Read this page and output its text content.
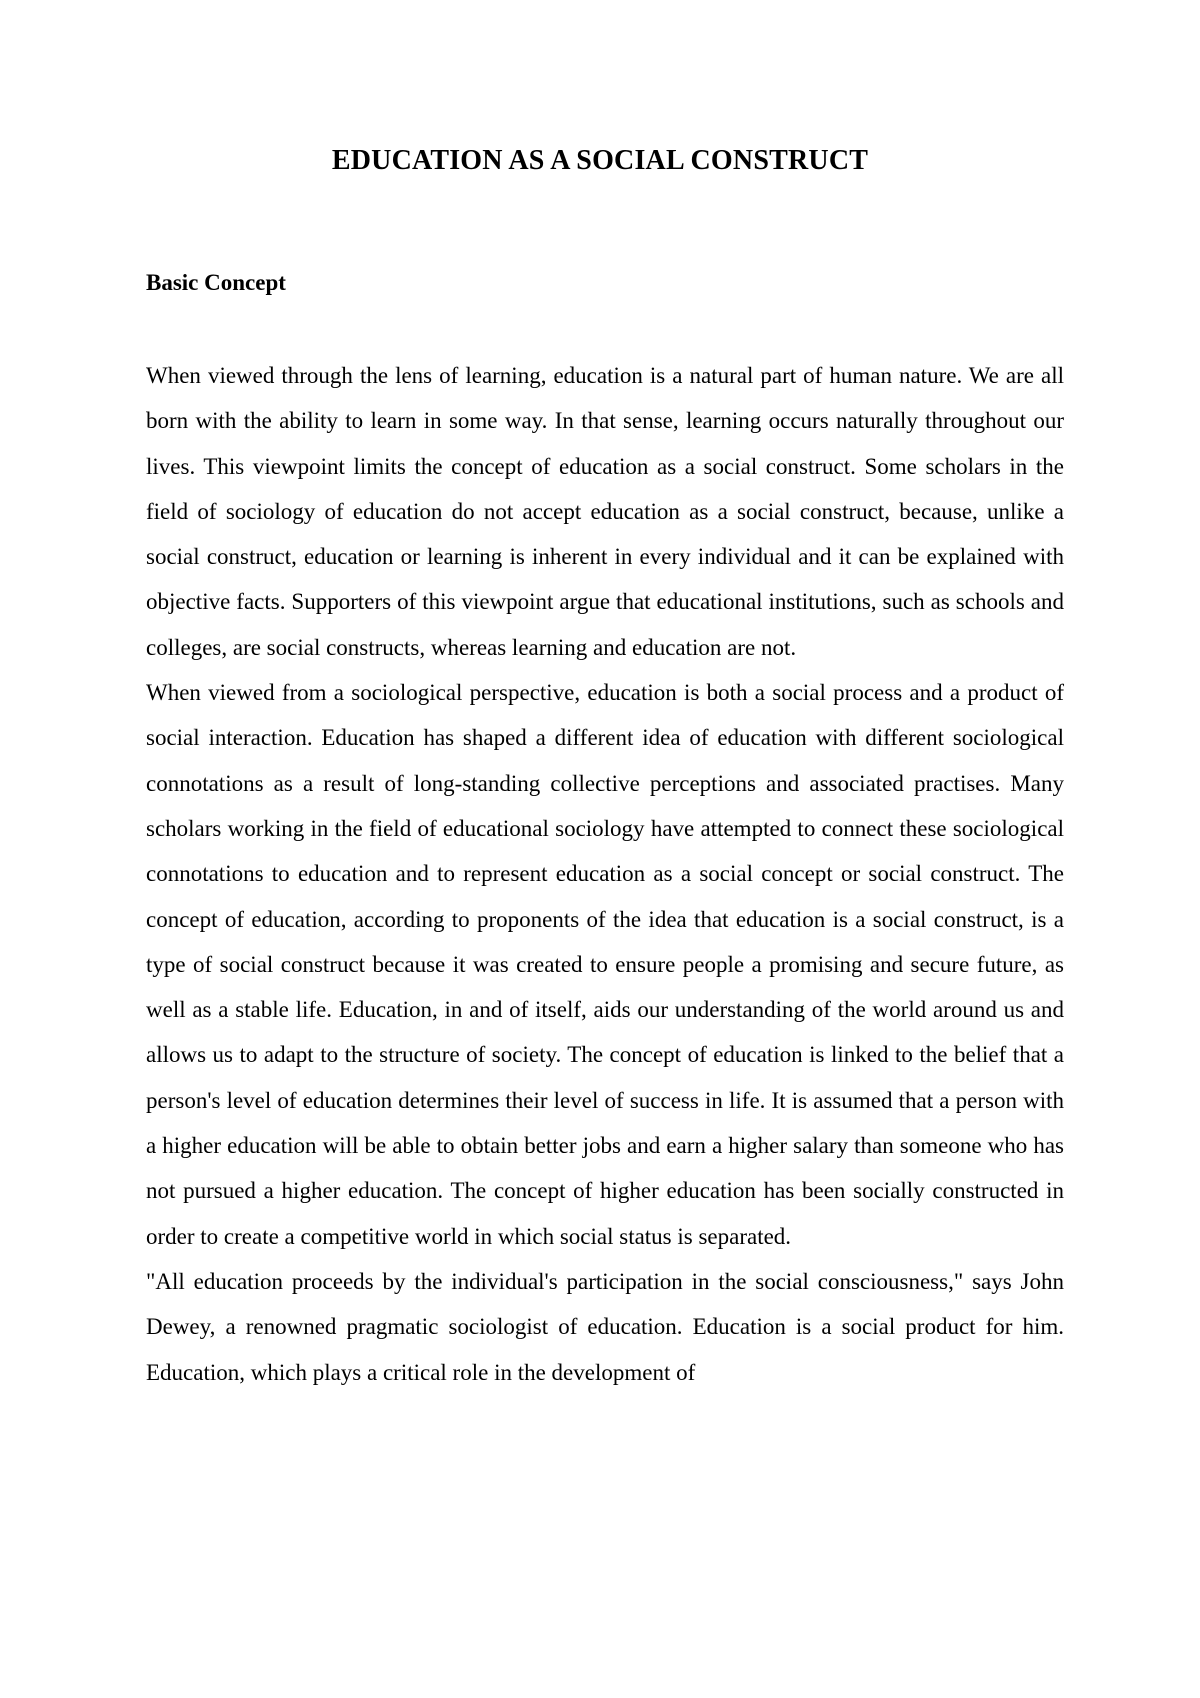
EDUCATION AS A SOCIAL CONSTRUCT
Basic Concept

When viewed through the lens of learning, education is a natural part of human nature. We are all born with the ability to learn in some way. In that sense, learning occurs naturally throughout our lives. This viewpoint limits the concept of education as a social construct. Some scholars in the field of sociology of education do not accept education as a social construct, because, unlike a social construct, education or learning is inherent in every individual and it can be explained with objective facts. Supporters of this viewpoint argue that educational institutions, such as schools and colleges, are social constructs, whereas learning and education are not.

When viewed from a sociological perspective, education is both a social process and a product of social interaction. Education has shaped a different idea of education with different sociological connotations as a result of long-standing collective perceptions and associated practises. Many scholars working in the field of educational sociology have attempted to connect these sociological connotations to education and to represent education as a social concept or social construct. The concept of education, according to proponents of the idea that education is a social construct, is a type of social construct because it was created to ensure people a promising and secure future, as well as a stable life. Education, in and of itself, aids our understanding of the world around us and allows us to adapt to the structure of society. The concept of education is linked to the belief that a person's level of education determines their level of success in life. It is assumed that a person with a higher education will be able to obtain better jobs and earn a higher salary than someone who has not pursued a higher education. The concept of higher education has been socially constructed in order to create a competitive world in which social status is separated.

"All education proceeds by the individual's participation in the social consciousness," says John Dewey, a renowned pragmatic sociologist of education. Education is a social product for him. Education, which plays a critical role in the development of
